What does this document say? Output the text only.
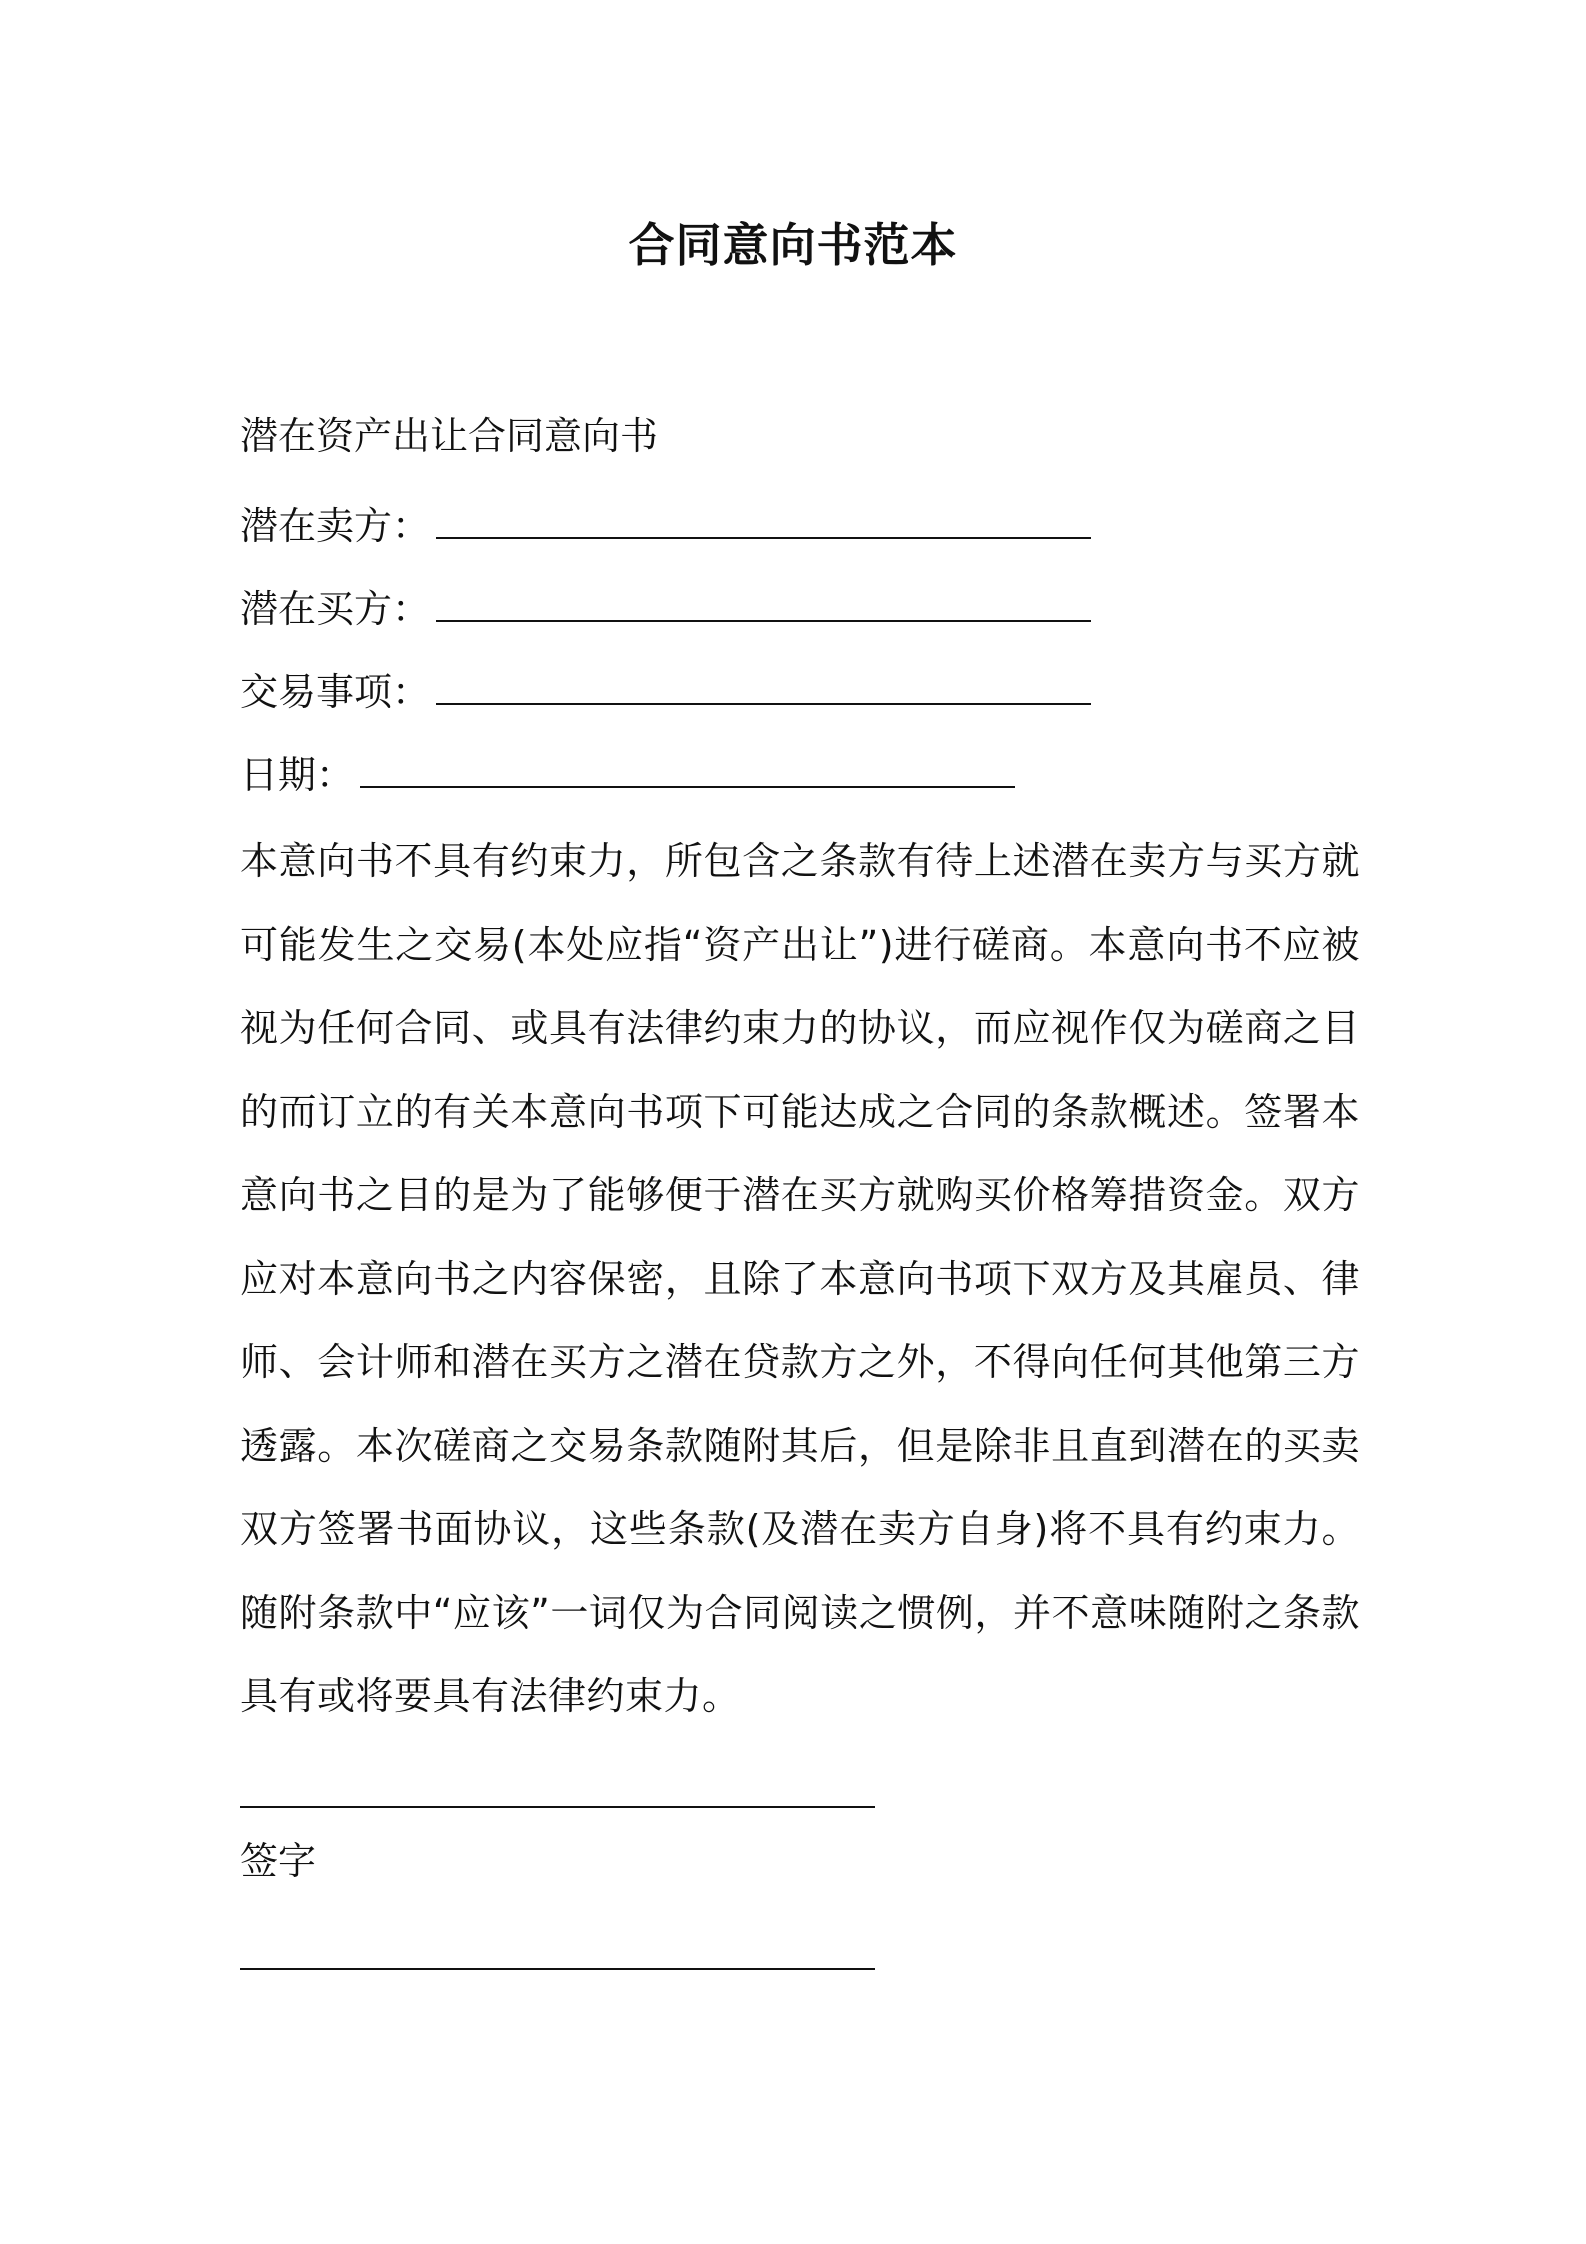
合同意向书范本
潜在资产出让合同意向书
潜在卖方：
潜在买方：
交易事项：
日期：
本意向书不具有约束力，所包含之条款有待上述潜在卖方与买方就可能发生之交易(本处应指“资产出让”)进行磋商。本意向书不应被视为任何合同、或具有法律约束力的协议，而应视作仅为磋商之目的而订立的有关本意向书项下可能达成之合同的条款概述。签署本意向书之目的是为了能够便于潜在买方就购买价格筹措资金。双方应对本意向书之内容保密，且除了本意向书项下双方及其雇员、律师、会计师和潜在买方之潜在贷款方之外，不得向任何其他第三方透露。本次磋商之交易条款随附其后，但是除非且直到潜在的买卖双方签署书面协议，这些条款(及潜在卖方自身)将不具有约束力。随附条款中“应该”一词仅为合同阅读之惯例，并不意味随附之条款具有或将要具有法律约束力。
签字
